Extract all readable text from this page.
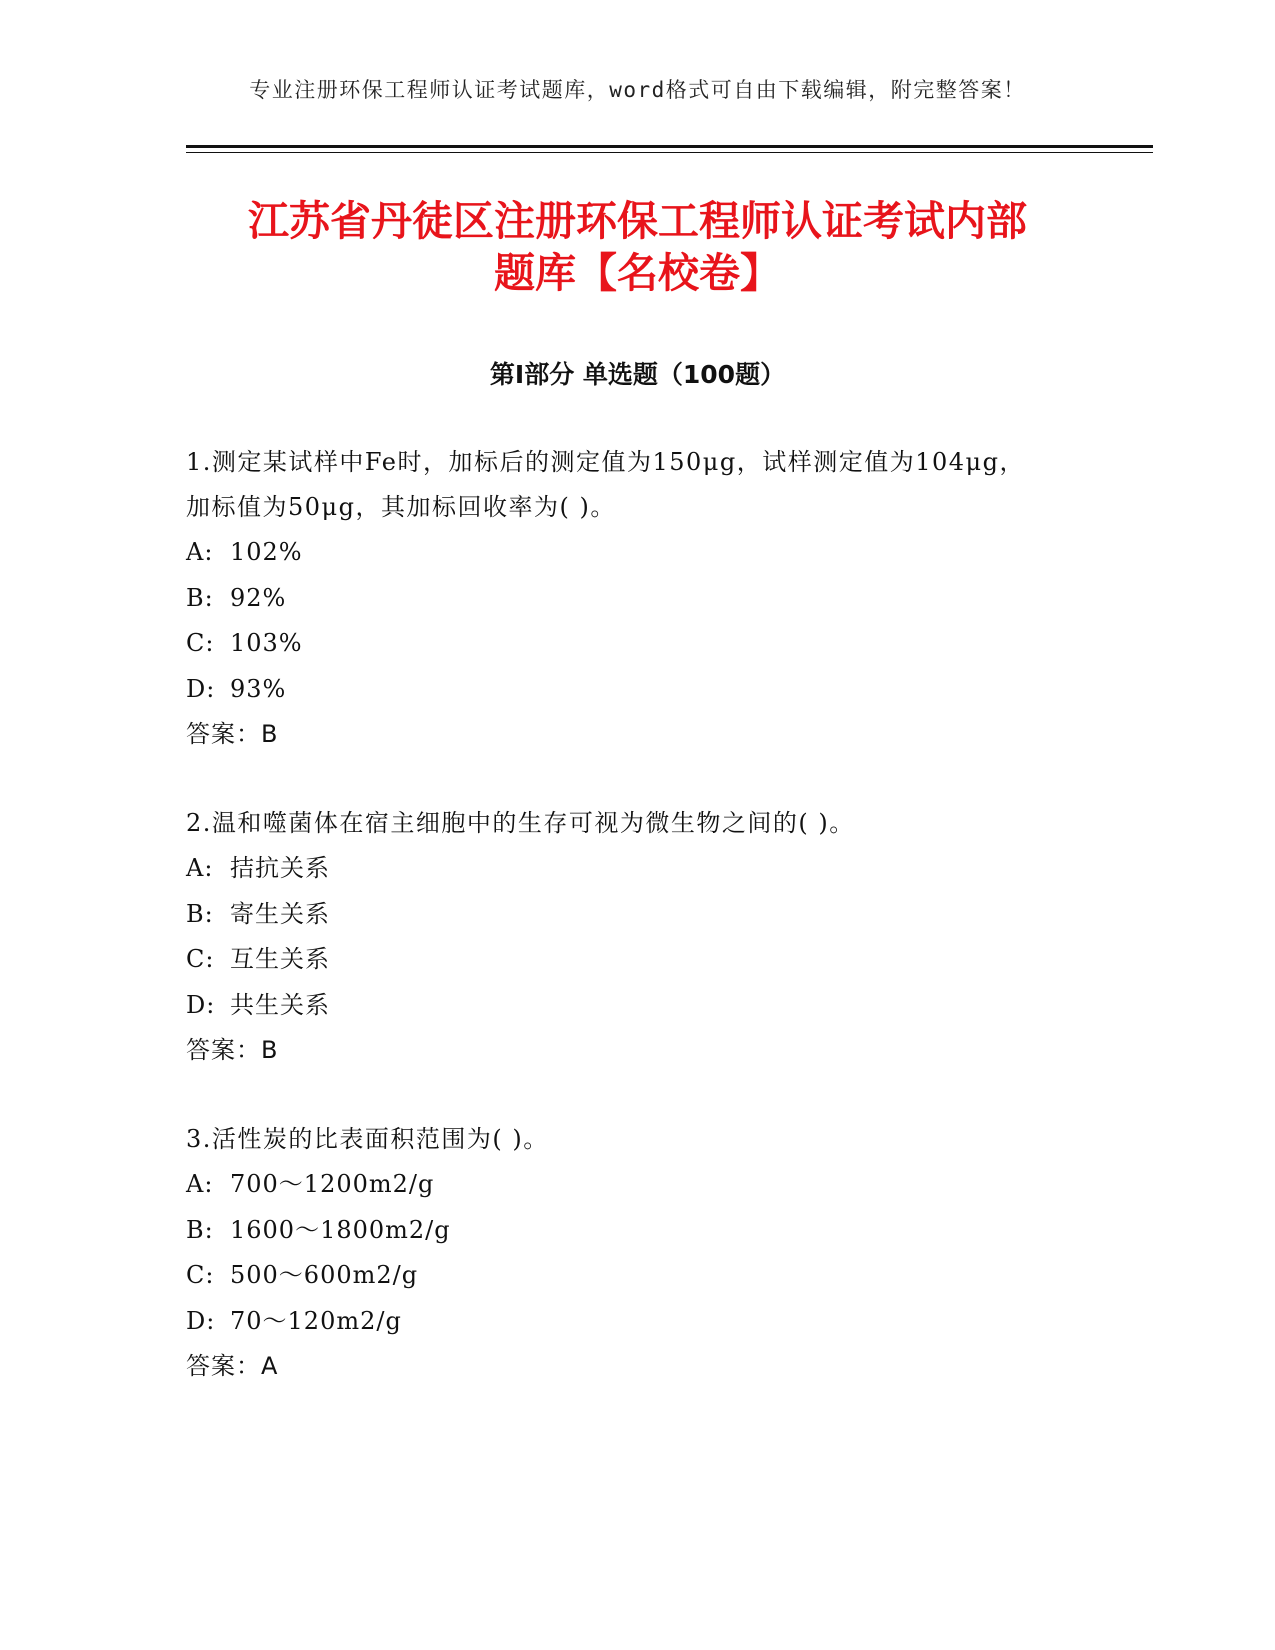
专业注册环保工程师认证考试题库，word格式可自由下载编辑，附完整答案！
江苏省丹徒区注册环保工程师认证考试内部
题库【名校卷】
第Ⅰ部分 单选题（100题）
1.测定某试样中Fe时，加标后的测定值为150μg，试样测定值为104μg，加标值为50μg，其加标回收率为( )。
A: 102%
B: 92%
C: 103%
D: 93%
答案：B
2.温和噬菌体在宿主细胞中的生存可视为微生物之间的( )。
A: 拮抗关系
B: 寄生关系
C: 互生关系
D: 共生关系
答案：B
3.活性炭的比表面积范围为( )。
A: 700～1200m2/g
B: 1600～1800m2/g
C: 500～600m2/g
D: 70～120m2/g
答案：A
